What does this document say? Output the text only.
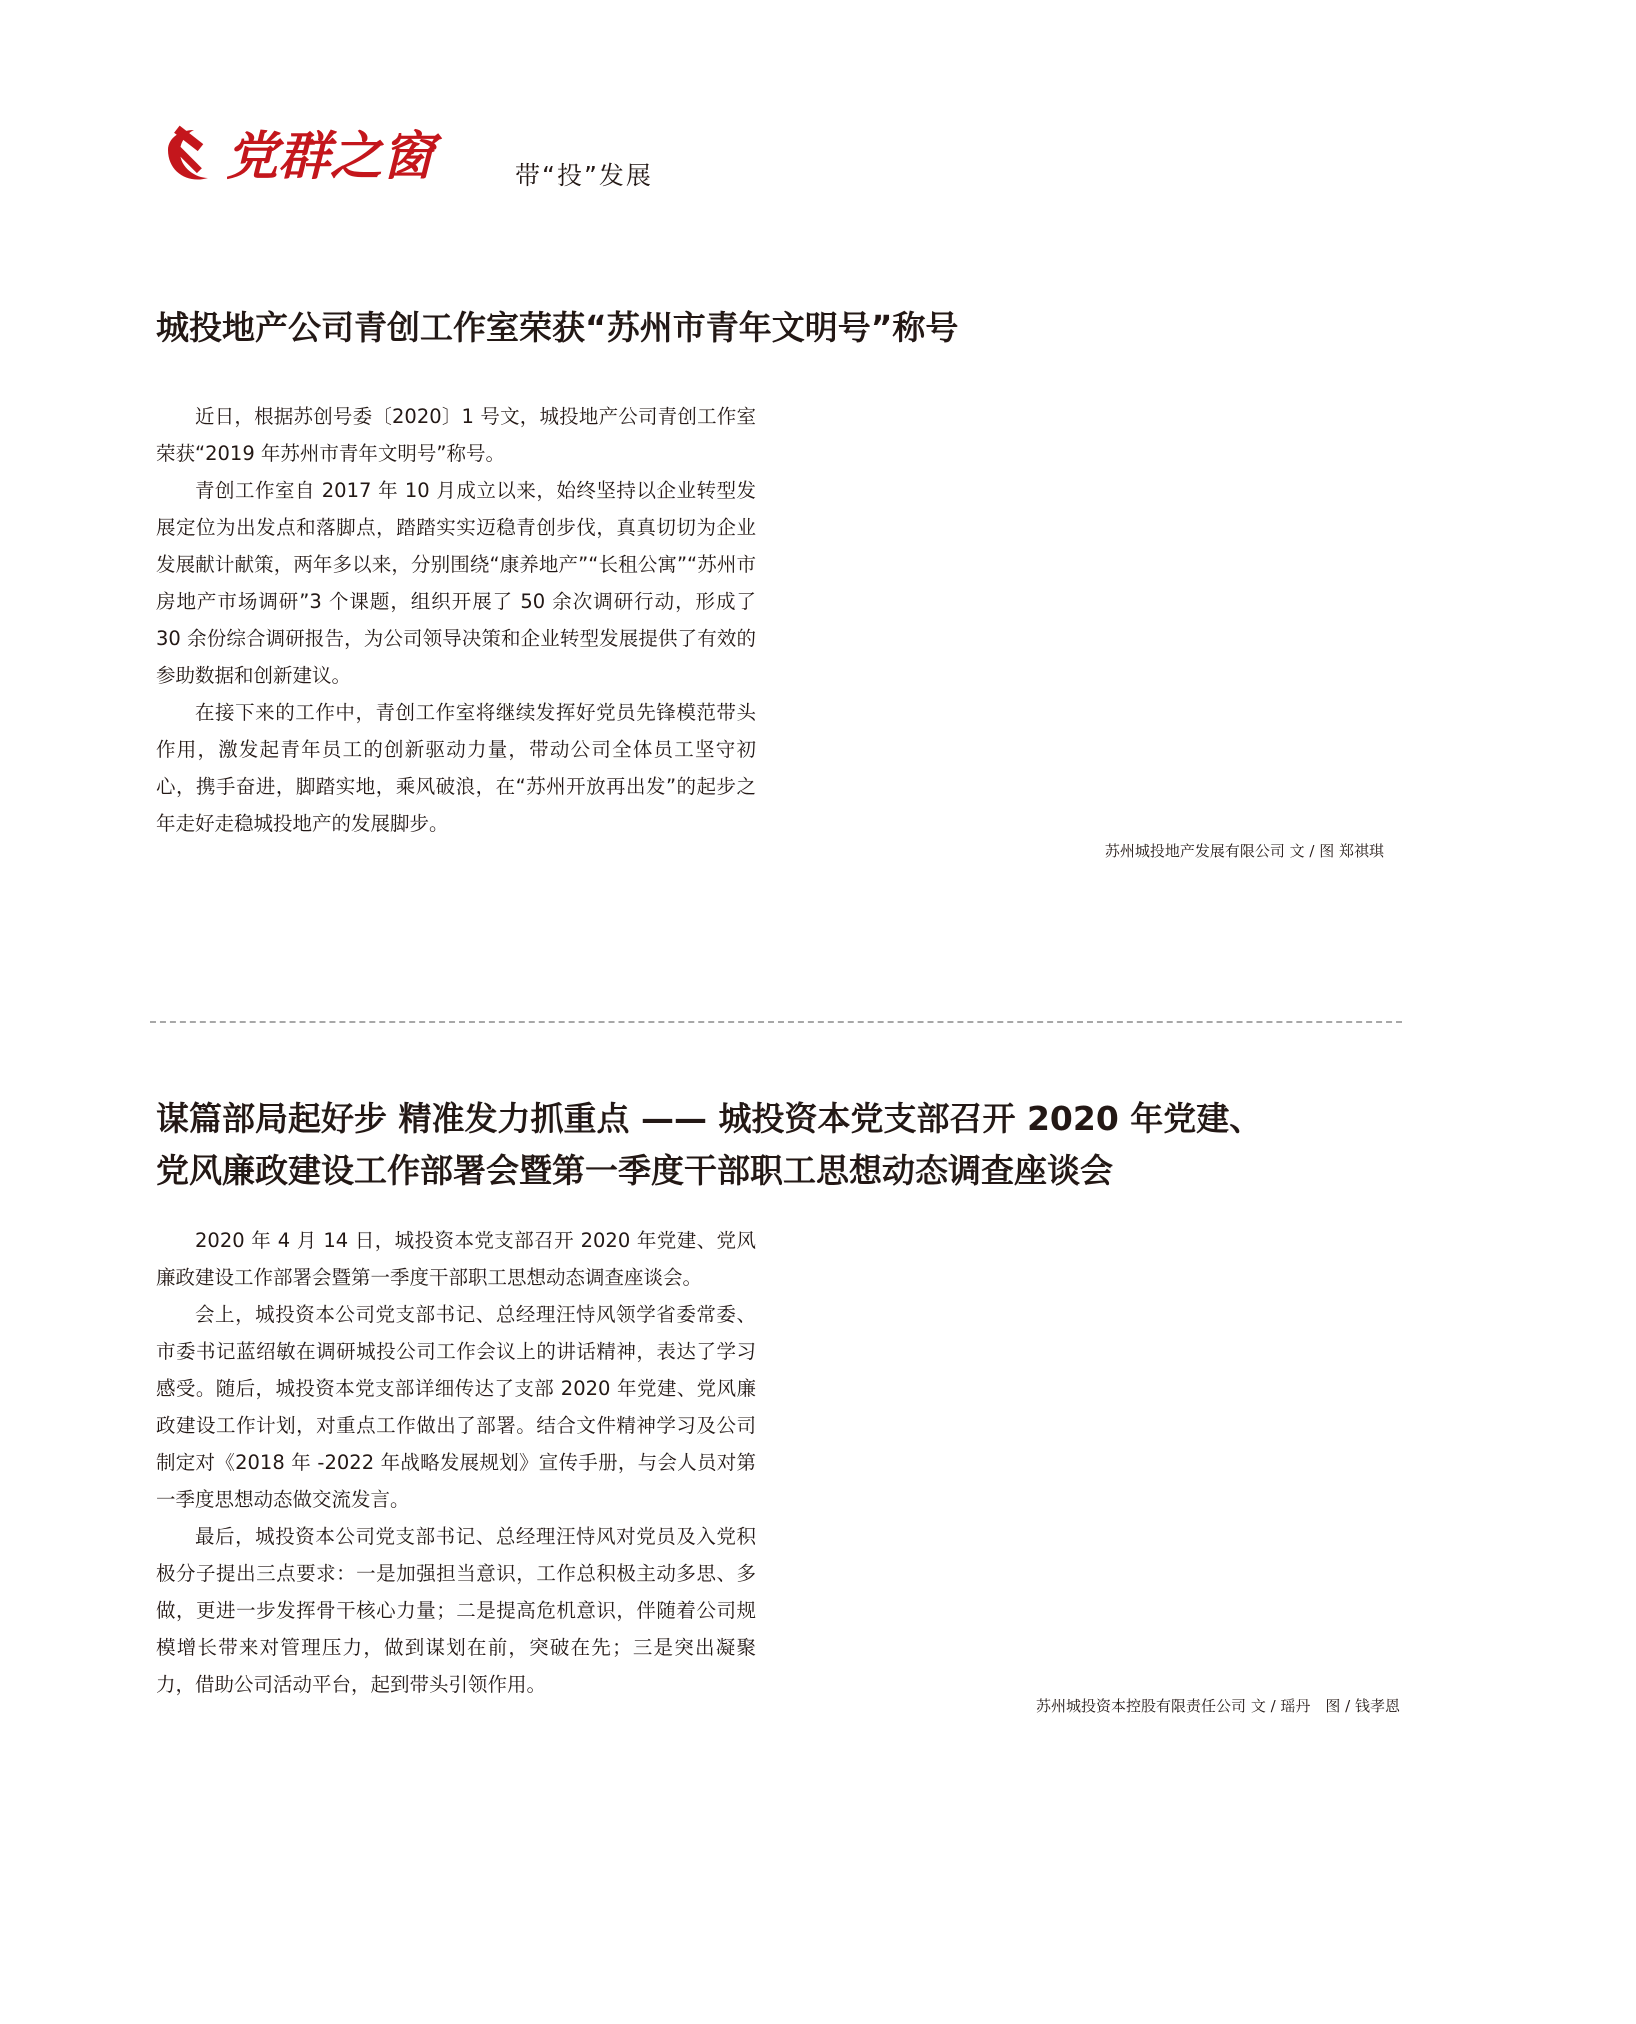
党群之窗	带“投”发展
城投地产公司青创工作室荣获“苏州市青年文明号”称号

近日，根据苏创号委〔2020〕1 号文，城投地产公司青创工作室荣获“2019 年苏州市青年文明号”称号。

青创工作室自 2017 年 10 月成立以来，始终坚持以企业转型发展定位为出发点和落脚点，踏踏实实迈稳青创步伐，真真切切为企业发展献计献策，两年多以来，分别围绕“康养地产”“长租公寓”“苏州市房地产市场调研”3 个课题，组织开展了 50 余次调研行动，形成了 30 余份综合调研报告，为公司领导决策和企业转型发展提供了有效的参助数据和创新建议。

在接下来的工作中，青创工作室将继续发挥好党员先锋模范带头作用，激发起青年员工的创新驱动力量，带动公司全体员工坚守初心，携手奋进，脚踏实地，乘风破浪，在“苏州开放再出发”的起步之年走好走稳城投地产的发展脚步。

苏州城投地产发展有限公司 文 / 图 郑祺琪
谋篇部局起好步 精准发力抓重点 —— 城投资本党支部召开 2020 年党建、
党风廉政建设工作部署会暨第一季度干部职工思想动态调查座谈会

2020 年 4 月 14 日，城投资本党支部召开 2020 年党建、党风廉政建设工作部署会暨第一季度干部职工思想动态调查座谈会。

会上，城投资本公司党支部书记、总经理汪恃风领学省委常委、市委书记蓝绍敏在调研城投公司工作会议上的讲话精神，表达了学习感受。随后，城投资本党支部详细传达了支部 2020 年党建、党风廉政建设工作计划，对重点工作做出了部署。结合文件精神学习及公司制定对《2018 年 -2022 年战略发展规划》宣传手册，与会人员对第一季度思想动态做交流发言。

最后，城投资本公司党支部书记、总经理汪恃风对党员及入党积极分子提出三点要求：一是加强担当意识，工作总积极主动多思、多做，更进一步发挥骨干核心力量；二是提高危机意识，伴随着公司规模增长带来对管理压力，做到谋划在前，突破在先；三是突出凝聚力，借助公司活动平台，起到带头引领作用。

苏州城投资本控股有限责任公司 文 / 瑶丹　图 / 钱孝恩
